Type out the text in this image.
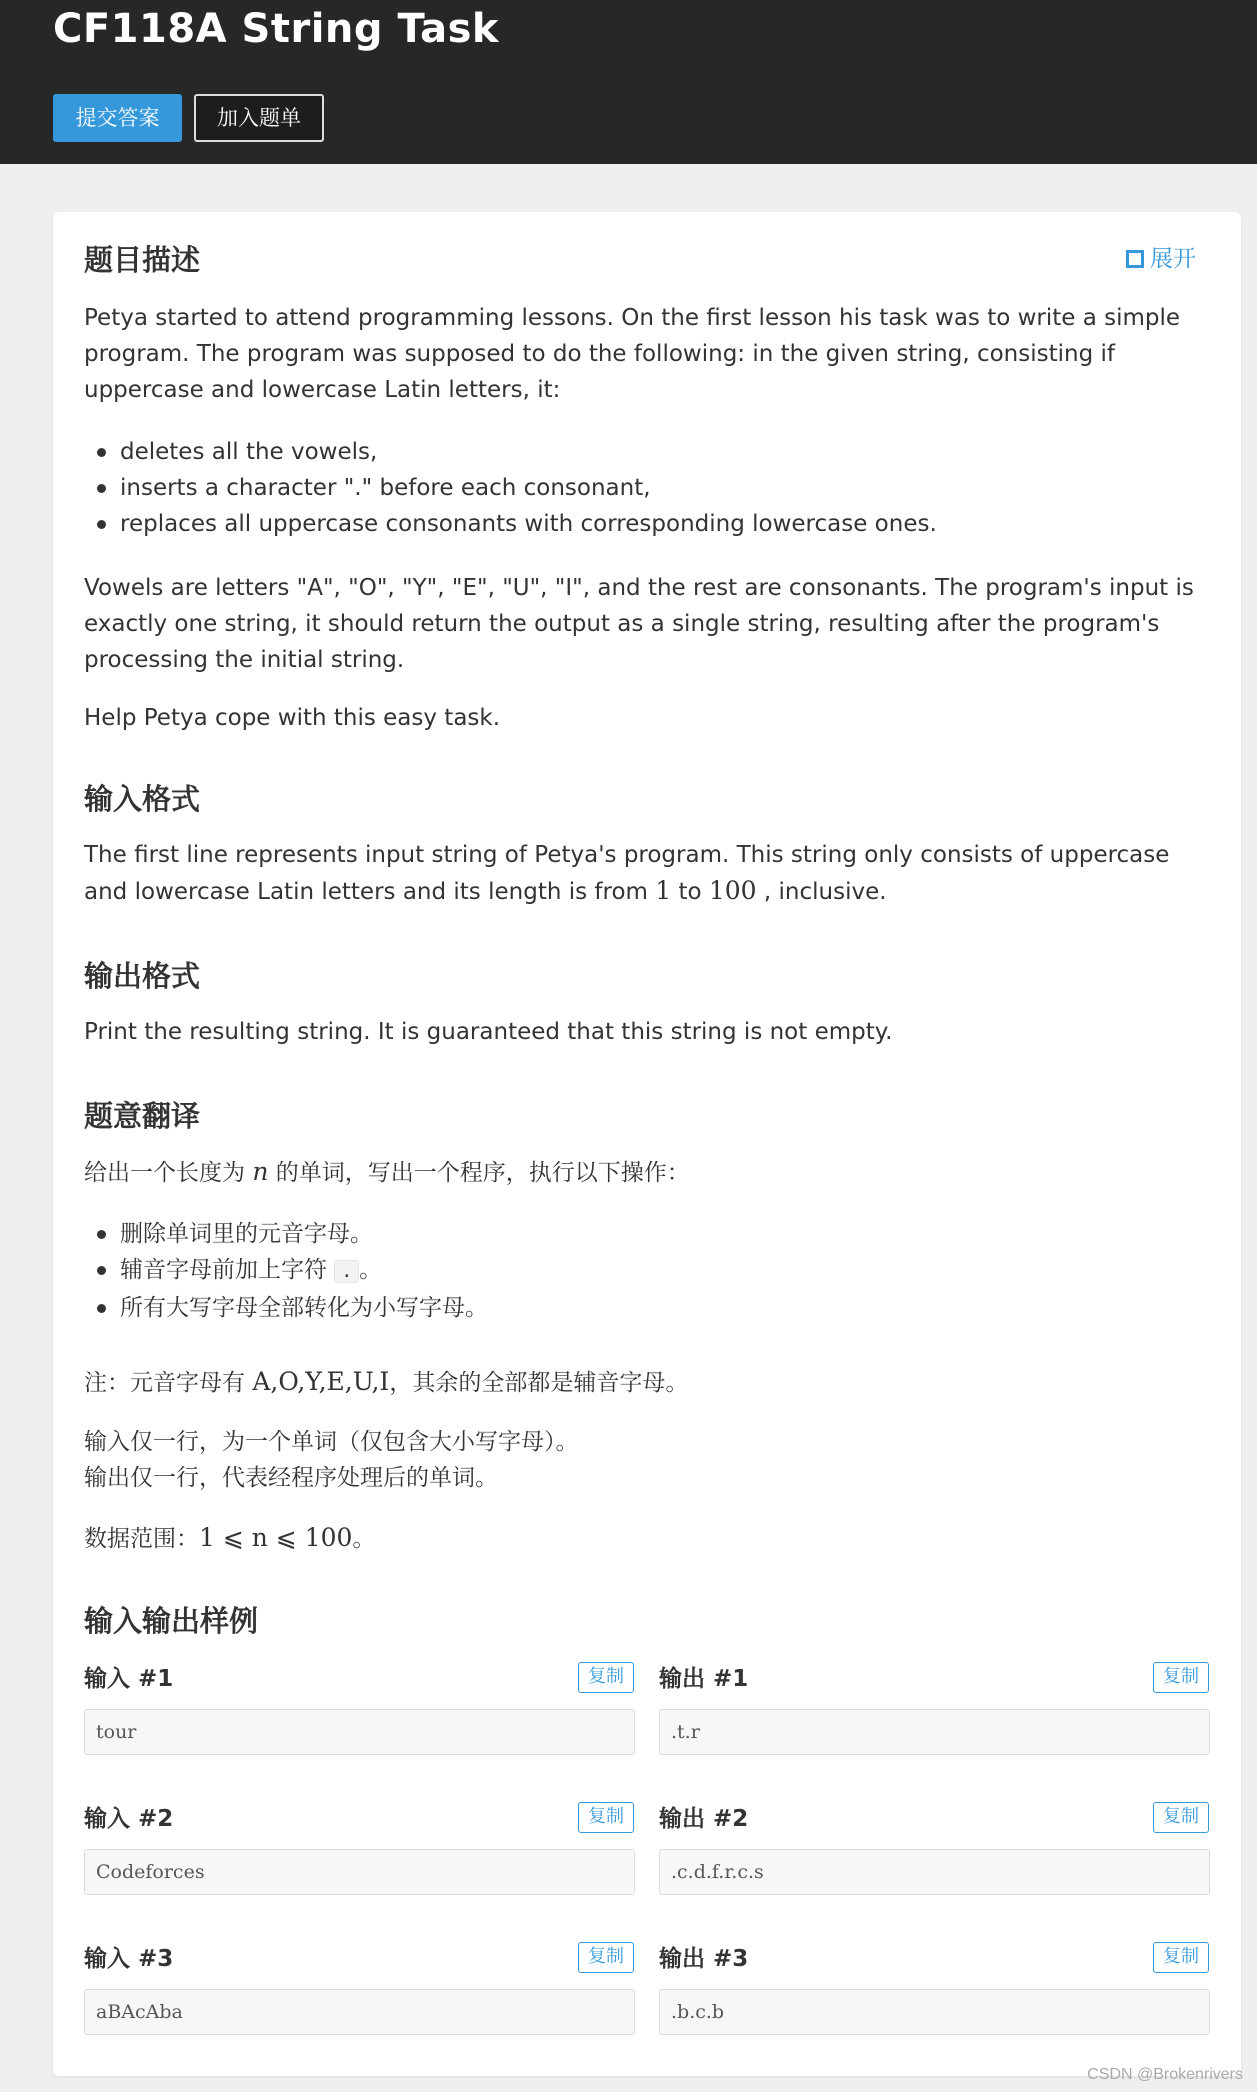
CF118A String Task
提交答案	加入题单
题目描述	展开

Petya started to attend programming lessons. On the first lesson his task was to write a simple program. The program was supposed to do the following: in the given string, consisting if uppercase and lowercase Latin letters, it:

deletes all the vowels,
inserts a character "." before each consonant,
replaces all uppercase consonants with corresponding lowercase ones.

Vowels are letters "A", "O", "Y", "E", "U", "I", and the rest are consonants. The program's input is exactly one string, it should return the output as a single string, resulting after the program's processing the initial string.

Help Petya cope with this easy task.

输入格式

The first line represents input string of Petya's program. This string only consists of uppercase and lowercase Latin letters and its length is from 1 to 100 , inclusive.

输出格式

Print the resulting string. It is guaranteed that this string is not empty.

题意翻译

给出一个长度为 n 的单词，写出一个程序，执行以下操作：

删除单词里的元音字母。
辅音字母前加上字符 . 。
所有大写字母全部转化为小写字母。

注：元音字母有 A,O,Y,E,U,I，其余的全部都是辅音字母。

输入仅一行，为一个单词（仅包含大小写字母）。

输出仅一行，代表经程序处理后的单词。

数据范围：1 ⩽ n ⩽ 100。

输入输出样例
输入 #1	复制
tour
输出 #1	复制
.t.r
输入 #2	复制
Codeforces
输出 #2	复制
.c.d.f.r.c.s
输入 #3	复制
aBAcAba
输出 #3	复制
.b.c.b
CSDN @Brokenrivers
